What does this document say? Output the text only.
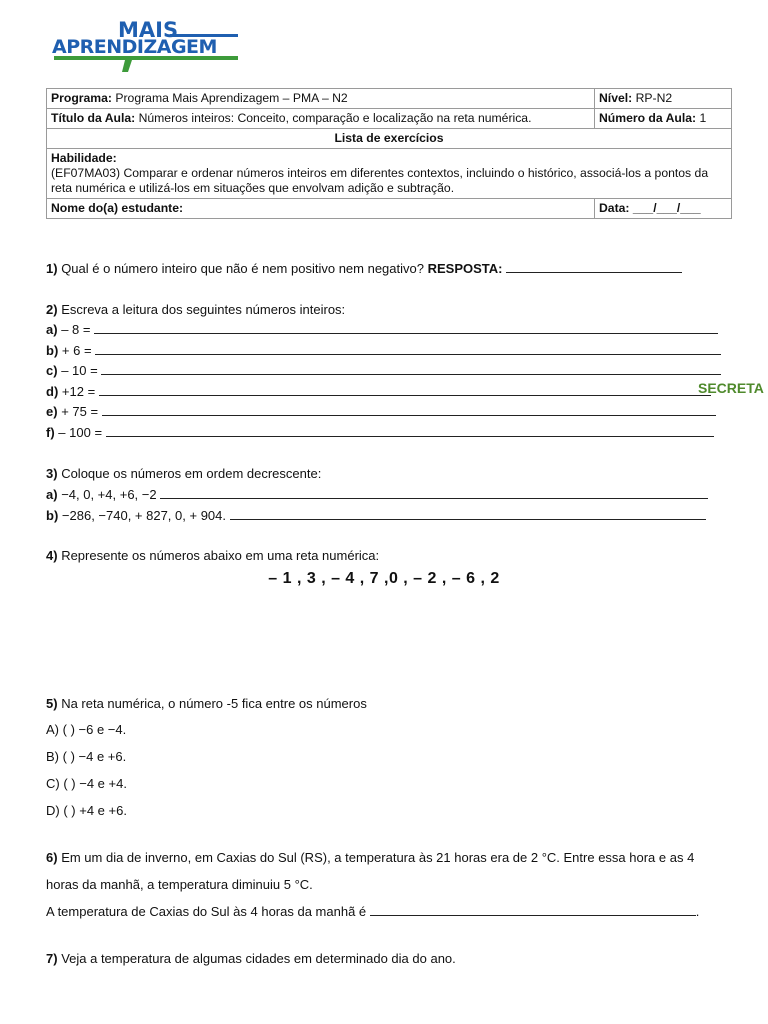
MAIS
APRENDIZAGEM
Programa: Programa Mais Aprendizagem – PMA – N2	Nível: RP-N2
Título da Aula: Números inteiros: Conceito, comparação e localização na reta numérica.	Número da Aula: 1
Lista de exercícios	

Habilidade:
(EF07MA03) Comparar e ordenar números inteiros em diferentes contextos, incluindo o histórico, associá-los a pontos da reta numérica e utilizá-los em situações que envolvam adição e subtração.	

Nome do(a) estudante:	Data: ___/___/___
SECRETA
1) Qual é o número inteiro que não é nem positivo nem negativo? RESPOSTA:
2) Escreva a leitura dos seguintes números inteiros:
a) – 8 =
b) + 6 =
c) – 10 =
d) +12 =
e) + 75 =
f) – 100 =
3) Coloque os números em ordem decrescente:
a) −4, 0, +4, +6, −2
b) −286, −740, + 827, 0, + 904.
4) Represente os números abaixo em uma reta numérica:
– 1 , 3 , – 4 , 7 ,0 , – 2 , – 6 , 2
5) Na reta numérica, o número -5 fica entre os números
A) ( ) −6 e −4.
B) ( ) −4 e +6.
C) ( ) −4 e +4.
D) ( ) +4 e +6.
6) Em um dia de inverno, em Caxias do Sul (RS), a temperatura às 21 horas era de 2 °C. Entre essa hora e as 4
horas da manhã, a temperatura diminuiu 5 °C.
A temperatura de Caxias do Sul às 4 horas da manhã é	.
7) Veja a temperatura de algumas cidades em determinado dia do ano.
